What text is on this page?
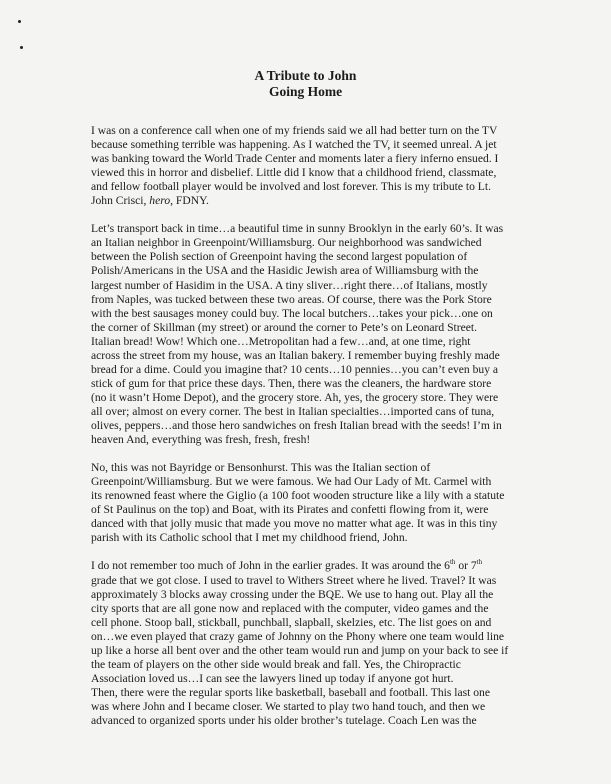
A Tribute to John
Going Home
I was on a conference call when one of my friends said we all had better turn on the TV
because something terrible was happening. As I watched the TV, it seemed unreal. A jet
was banking toward the World Trade Center and moments later a fiery inferno ensued. I
viewed this in horror and disbelief. Little did I know that a childhood friend, classmate,
and fellow football player would be involved and lost forever. This is my tribute to Lt.
John Crisci, hero, FDNY.
Let’s transport back in time…a beautiful time in sunny Brooklyn in the early 60’s. It was
an Italian neighbor in Greenpoint/Williamsburg. Our neighborhood was sandwiched
between the Polish section of Greenpoint having the second largest population of
Polish/Americans in the USA and the Hasidic Jewish area of Williamsburg with the
largest number of Hasidim in the USA. A tiny sliver…right there…of Italians, mostly
from Naples, was tucked between these two areas. Of course, there was the Pork Store
with the best sausages money could buy. The local butchers…takes your pick…one on
the corner of Skillman (my street) or around the corner to Pete’s on Leonard Street.
Italian bread! Wow! Which one…Metropolitan had a few…and, at one time, right
across the street from my house, was an Italian bakery. I remember buying freshly made
bread for a dime. Could you imagine that? 10 cents…10 pennies…you can’t even buy a
stick of gum for that price these days. Then, there was the cleaners, the hardware store
(no it wasn’t Home Depot), and the grocery store. Ah, yes, the grocery store. They were
all over; almost on every corner. The best in Italian specialties…imported cans of tuna,
olives, peppers…and those hero sandwiches on fresh Italian bread with the seeds! I’m in
heaven And, everything was fresh, fresh, fresh!
No, this was not Bayridge or Bensonhurst. This was the Italian section of
Greenpoint/Williamsburg. But we were famous. We had Our Lady of Mt. Carmel with
its renowned feast where the Giglio (a 100 foot wooden structure like a lily with a statute
of St Paulinus on the top) and Boat, with its Pirates and confetti flowing from it, were
danced with that jolly music that made you move no matter what age. It was in this tiny
parish with its Catholic school that I met my childhood friend, John.
I do not remember too much of John in the earlier grades. It was around the 6th or 7th
grade that we got close. I used to travel to Withers Street where he lived. Travel? It was
approximately 3 blocks away crossing under the BQE. We use to hang out. Play all the
city sports that are all gone now and replaced with the computer, video games and the
cell phone. Stoop ball, stickball, punchball, slapball, skelzies, etc. The list goes on and
on…we even played that crazy game of Johnny on the Phony where one team would line
up like a horse all bent over and the other team would run and jump on your back to see if
the team of players on the other side would break and fall. Yes, the Chiropractic
Association loved us…I can see the lawyers lined up today if anyone got hurt.
Then, there were the regular sports like basketball, baseball and football. This last one
was where John and I became closer. We started to play two hand touch, and then we
advanced to organized sports under his older brother’s tutelage. Coach Len was the
